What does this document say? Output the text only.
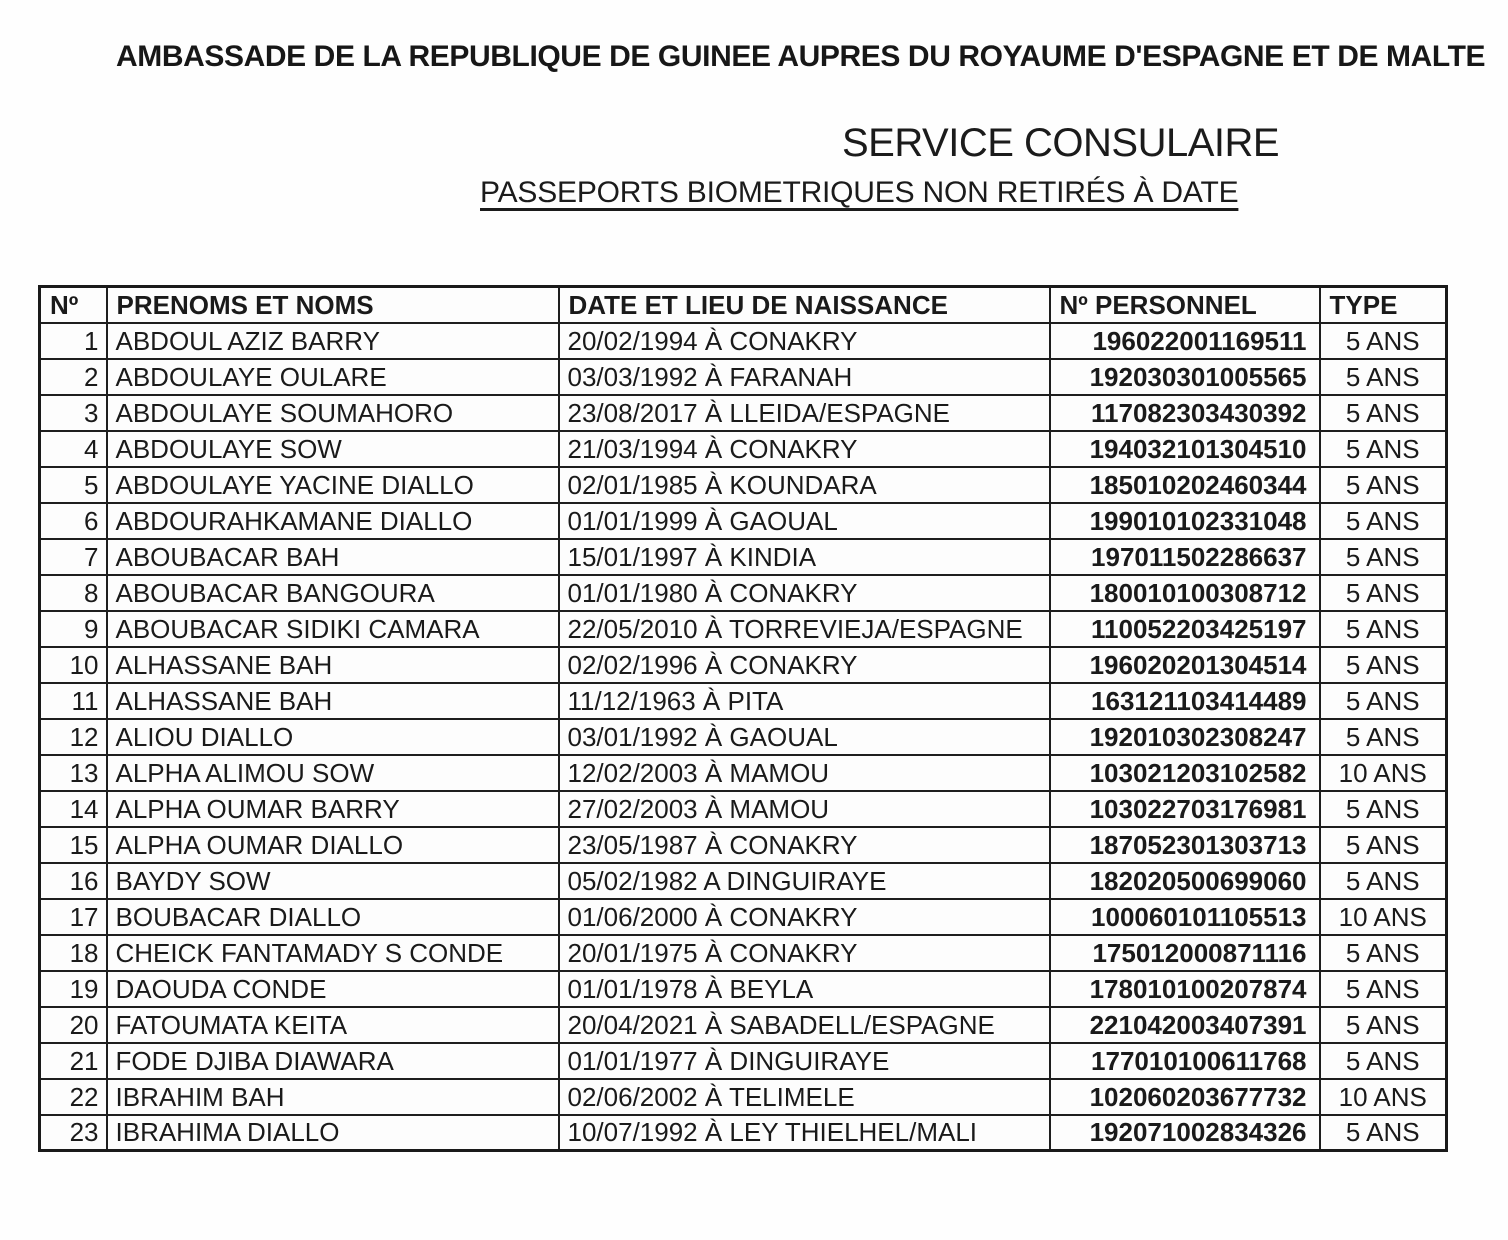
AMBASSADE DE LA REPUBLIQUE DE GUINEE AUPRES DU ROYAUME D'ESPAGNE ET DE MALTE
SERVICE CONSULAIRE
PASSEPORTS BIOMETRIQUES NON RETIRÉS À DATE
Nº	PRENOMS ET NOMS	DATE ET LIEU DE NAISSANCE	Nº PERSONNEL	TYPE
1	ABDOUL AZIZ BARRY	20/02/1994 À CONAKRY	196022001169511	5 ANS
2	ABDOULAYE OULARE	03/03/1992 À FARANAH	192030301005565	5 ANS
3	ABDOULAYE SOUMAHORO	23/08/2017 À LLEIDA/ESPAGNE	117082303430392	5 ANS
4	ABDOULAYE SOW	21/03/1994 À CONAKRY	194032101304510	5 ANS
5	ABDOULAYE YACINE DIALLO	02/01/1985 À KOUNDARA	185010202460344	5 ANS
6	ABDOURAHKAMANE DIALLO	01/01/1999 À GAOUAL	199010102331048	5 ANS
7	ABOUBACAR BAH	15/01/1997 À KINDIA	197011502286637	5 ANS
8	ABOUBACAR BANGOURA	01/01/1980 À CONAKRY	180010100308712	5 ANS
9	ABOUBACAR SIDIKI CAMARA	22/05/2010 À TORREVIEJA/ESPAGNE	110052203425197	5 ANS
10	ALHASSANE BAH	02/02/1996 À CONAKRY	196020201304514	5 ANS
11	ALHASSANE BAH	11/12/1963 À PITA	163121103414489	5 ANS
12	ALIOU DIALLO	03/01/1992 À GAOUAL	192010302308247	5 ANS
13	ALPHA ALIMOU SOW	12/02/2003 À MAMOU	103021203102582	10 ANS
14	ALPHA OUMAR BARRY	27/02/2003 À MAMOU	103022703176981	5 ANS
15	ALPHA OUMAR DIALLO	23/05/1987 À CONAKRY	187052301303713	5 ANS
16	BAYDY SOW	05/02/1982 A DINGUIRAYE	182020500699060	5 ANS
17	BOUBACAR DIALLO	01/06/2000 À CONAKRY	100060101105513	10 ANS
18	CHEICK FANTAMADY S CONDE	20/01/1975 À CONAKRY	175012000871116	5 ANS
19	DAOUDA CONDE	01/01/1978 À BEYLA	178010100207874	5 ANS
20	FATOUMATA KEITA	20/04/2021 À SABADELL/ESPAGNE	221042003407391	5 ANS
21	FODE DJIBA DIAWARA	01/01/1977 À DINGUIRAYE	177010100611768	5 ANS
22	IBRAHIM BAH	02/06/2002 À TELIMELE	102060203677732	10 ANS
23	IBRAHIMA DIALLO	10/07/1992 À LEY THIELHEL/MALI	192071002834326	5 ANS
